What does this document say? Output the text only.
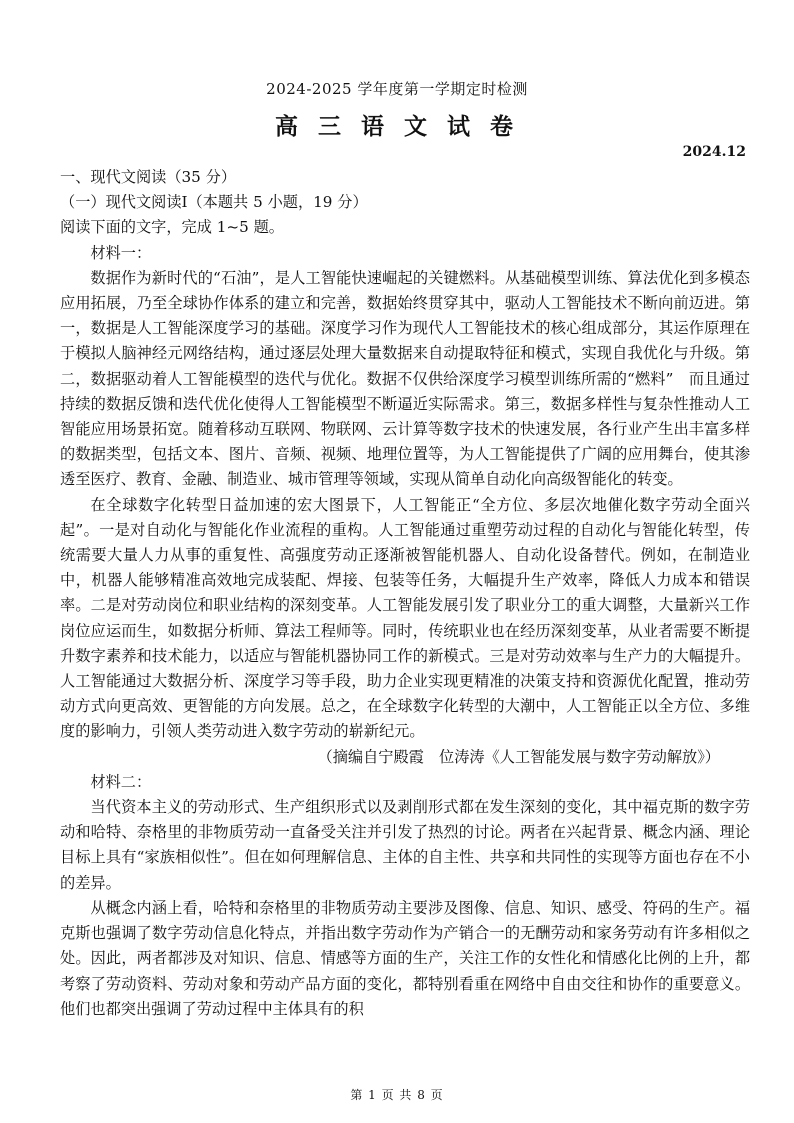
2024-2025 学年度第一学期定时检测
高 三 语 文 试 卷
2024.12

一、现代文阅读（35 分）

（一）现代文阅读Ⅰ（本题共 5 小题，19 分）

阅读下面的文字，完成 1~5 题。

材料一：

数据作为新时代的“石油”，是人工智能快速崛起的关键燃料。从基础模型训练、算法优化到多模态应用拓展，乃至全球协作体系的建立和完善，数据始终贯穿其中，驱动人工智能技术不断向前迈进。第一，数据是人工智能深度学习的基础。深度学习作为现代人工智能技术的核心组成部分，其运作原理在于模拟人脑神经元网络结构，通过逐层处理大量数据来自动提取特征和模式，实现自我优化与升级。第二，数据驱动着人工智能模型的迭代与优化。数据不仅供给深度学习模型训练所需的“燃料”　而且通过持续的数据反馈和迭代优化使得人工智能模型不断逼近实际需求。第三，数据多样性与复杂性推动人工智能应用场景拓宽。随着移动互联网、物联网、云计算等数字技术的快速发展，各行业产生出丰富多样的数据类型，包括文本、图片、音频、视频、地理位置等，为人工智能提供了广阔的应用舞台，使其渗透至医疗、教育、金融、制造业、城市管理等领域，实现从简单自动化向高级智能化的转变。

在全球数字化转型日益加速的宏大图景下，人工智能正“全方位、多层次地催化数字劳动全面兴起”。一是对自动化与智能化作业流程的重构。人工智能通过重塑劳动过程的自动化与智能化转型，传统需要大量人力从事的重复性、高强度劳动正逐渐被智能机器人、自动化设备替代。例如，在制造业中，机器人能够精准高效地完成装配、焊接、包装等任务，大幅提升生产效率，降低人力成本和错误率。二是对劳动岗位和职业结构的深刻变革。人工智能发展引发了职业分工的重大调整，大量新兴工作岗位应运而生，如数据分析师、算法工程师等。同时，传统职业也在经历深刻变革，从业者需要不断提升数字素养和技术能力，以适应与智能机器协同工作的新模式。三是对劳动效率与生产力的大幅提升。人工智能通过大数据分析、深度学习等手段，助力企业实现更精准的决策支持和资源优化配置，推动劳动方式向更高效、更智能的方向发展。总之，在全球数字化转型的大潮中，人工智能正以全方位、多维度的影响力，引领人类劳动进入数字劳动的崭新纪元。

（摘编自宁殿霞　位涛涛《人工智能发展与数字劳动解放》）

材料二：

当代资本主义的劳动形式、生产组织形式以及剥削形式都在发生深刻的变化，其中福克斯的数字劳动和哈特、奈格里的非物质劳动一直备受关注并引发了热烈的讨论。两者在兴起背景、概念内涵、理论目标上具有“家族相似性”。但在如何理解信息、主体的自主性、共享和共同性的实现等方面也存在不小的差异。

从概念内涵上看，哈特和奈格里的非物质劳动主要涉及图像、信息、知识、感受、符码的生产。福克斯也强调了数字劳动信息化特点，并指出数字劳动作为产销合一的无酬劳动和家务劳动有许多相似之处。因此，两者都涉及对知识、信息、情感等方面的生产，关注工作的女性化和情感化比例的上升，都考察了劳动资料、劳动对象和劳动产品方面的变化，都特别看重在网络中自由交往和协作的重要意义。他们也都突出强调了劳动过程中主体具有的积

第 1 页 共 8 页
